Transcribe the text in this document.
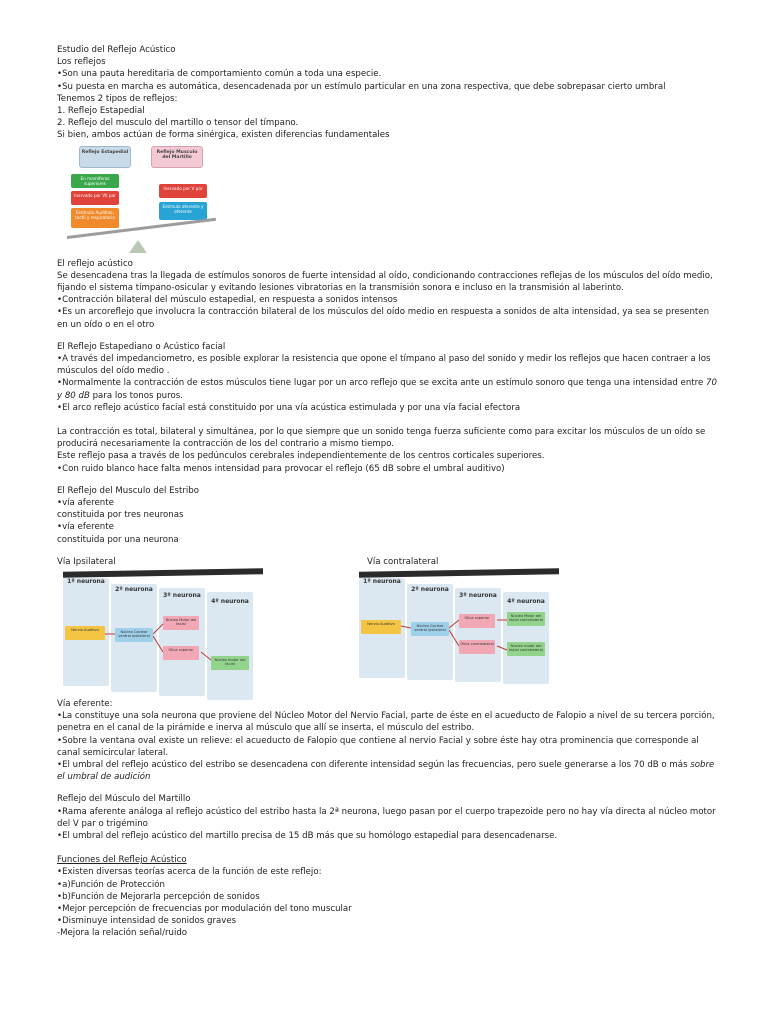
Estudio del Reflejo Acústico

Los reflejos

•Son una pauta hereditaria de comportamiento común a toda una especie.

•Su puesta en marcha es automática, desencadenada por un estímulo particular en una zona respectiva, que debe sobrepasar cierto umbral

Tenemos 2 tipos de reflejos:

1. Reflejo Estapedial

2. Reflejo del musculo del martillo o tensor del tímpano.

Si bien, ambos actúan de forma sinérgica, existen diferencias fundamentales

Reflejo Estapedial	Reflejo Musculo del Martillo
En mamíferos superiores
Inervado por VII par
Estímulo Auditivo, tactil y respiratorio
Inervado por V par
Estímulo aferente y eferente

El reflejo acústico

Se desencadena tras la llegada de estímulos sonoros de fuerte intensidad al oído, condicionando contracciones reflejas de los músculos del oído medio, fijando el sistema tímpano-osicular y evitando lesiones vibratorias en la transmisión sonora e incluso en la transmisión al laberinto.

•Contracción bilateral del músculo estapedial, en respuesta a sonidos intensos

•Es un arcoreflejo que involucra la contracción bilateral de los músculos del oído medio en respuesta a sonidos de alta intensidad, ya sea se presenten en un oído o en el otro

El Reflejo Estapediano o Acústico facial

•A través del impedanciometro, es posible explorar la resistencia que opone el tímpano al paso del sonido y medir los reflejos que hacen contraer a los músculos del oído medio .

•Normalmente la contracción de estos músculos tiene lugar por un arco reflejo que se excita ante un estímulo sonoro que tenga una intensidad entre 70 y 80 dB para los tonos puros.

•El arco reflejo acústico facial está constituido por una vía acústica estimulada y por una vía facial efectora

La contracción es total, bilateral y simultánea, por lo que siempre que un sonido tenga fuerza suficiente como para excitar los músculos de un oído se producirá necesariamente la contracción de los del contrario a mismo tiempo.

Este reflejo pasa a través de los pedúnculos cerebrales independientemente de los centros corticales superiores.

•Con ruido blanco hace falta menos intensidad para provocar el reflejo (65 dB sobre el umbral auditivo)

El Reflejo del Musculo del Estribo

•vía aferente

constituida por tres neuronas

•vía eferente

constituida por una neurona

Vía Ipsilateral	Vía contralateral
1º neurona
2º neurona
3º neurona
4º neurona
Nervio Auditivo	Núcleo Coclear ventral ipsilateral
Núcleo Motor del facial
Oliva superior
Núcleo motor del facial
1º neurona
2º neurona
3º neurona
4º neurona
Nervio Auditivo	Núcleo Coclear ventral ipsilateral
Oliva superior
Oliva contralateral
Núcleo Motor del facial contralateral
Núcleo motor del facial contralateral

Vía eferente:

•La constituye una sola neurona que proviene del Núcleo Motor del Nervio Facial, parte de éste en el acueducto de Falopio a nivel de su tercera porción, penetra en el canal de la pirámide e inerva al músculo que allí se inserta, el músculo del estribo.

•Sobre la ventana oval existe un relieve: el acueducto de Falopio que contiene al nervio Facial y sobre éste hay otra prominencia que corresponde al canal semicircular lateral.

•El umbral del reflejo acústico del estribo se desencadena con diferente intensidad según las frecuencias, pero suele generarse a los 70 dB o más sobre el umbral de audición

Reflejo del Músculo del Martillo

•Rama aferente análoga al reflejo acústico del estribo hasta la 2ª neurona, luego pasan por el cuerpo trapezoide pero no hay vía directa al núcleo motor del V par o trigémino

•El umbral del reflejo acústico del martillo precisa de 15 dB más que su homólogo estapedial para desencadenarse.

Funciones del Reflejo Acústico

•Existen diversas teorías acerca de la función de este reflejo:

•a)Función de Protección

•b)Función de Mejorarla percepción de sonidos

•Mejor percepción de frecuencias por modulación del tono muscular

•Disminuye intensidad de sonidos graves

-Mejora la relación señal/ruido
